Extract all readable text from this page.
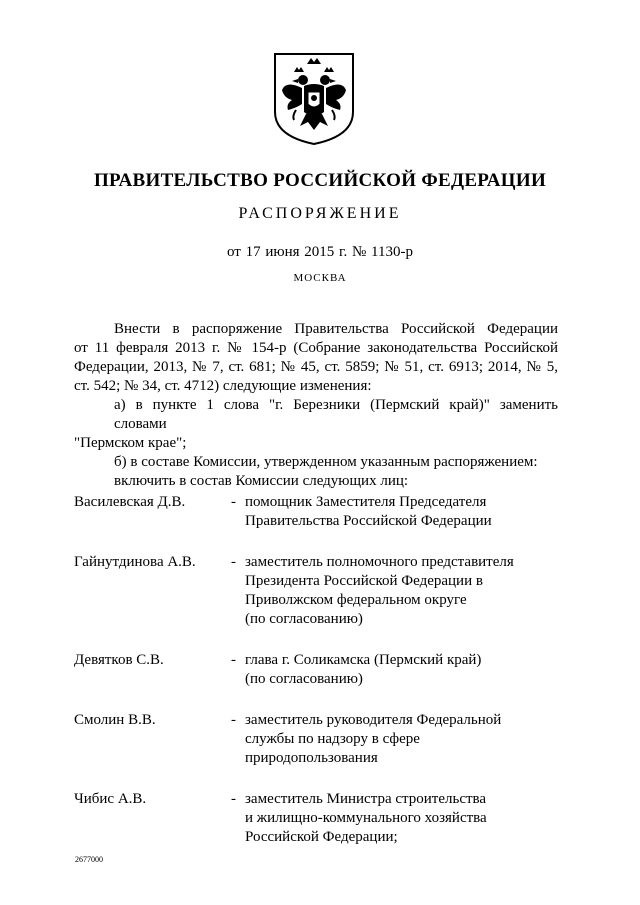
ПРАВИТЕЛЬСТВО РОССИЙСКОЙ ФЕДЕРАЦИИ
РАСПОРЯЖЕНИЕ
от 17 июня 2015 г. № 1130-р
МОСКВА
Внести в распоряжение Правительства Российской Федерации
от 11 февраля 2013 г. № 154-р (Собрание законодательства Российской
Федерации, 2013, № 7, ст. 681; № 45, ст. 5859; № 51, ст. 6913; 2014, № 5,
ст. 542; № 34, ст. 4712) следующие изменения:
а) в пункте 1 слова "г. Березники (Пермский край)" заменить словами
"Пермском крае";
б) в составе Комиссии, утвержденном указанным распоряжением:
включить в состав Комиссии следующих лиц:
Василевская Д.В.	- помощник Заместителя Председателя
Правительства Российской Федерации
Гайнутдинова А.В.	- заместитель полномочного представителя
Президента Российской Федерации в
Приволжском федеральном округе
(по согласованию)
Девятков С.В.	- глава г. Соликамска (Пермский край)
(по согласованию)
Смолин В.В.	- заместитель руководителя Федеральной
службы по надзору в сфере
природопользования
Чибис А.В.	- заместитель Министра строительства
и жилищно-коммунального хозяйства
Российской Федерации;
2677000
